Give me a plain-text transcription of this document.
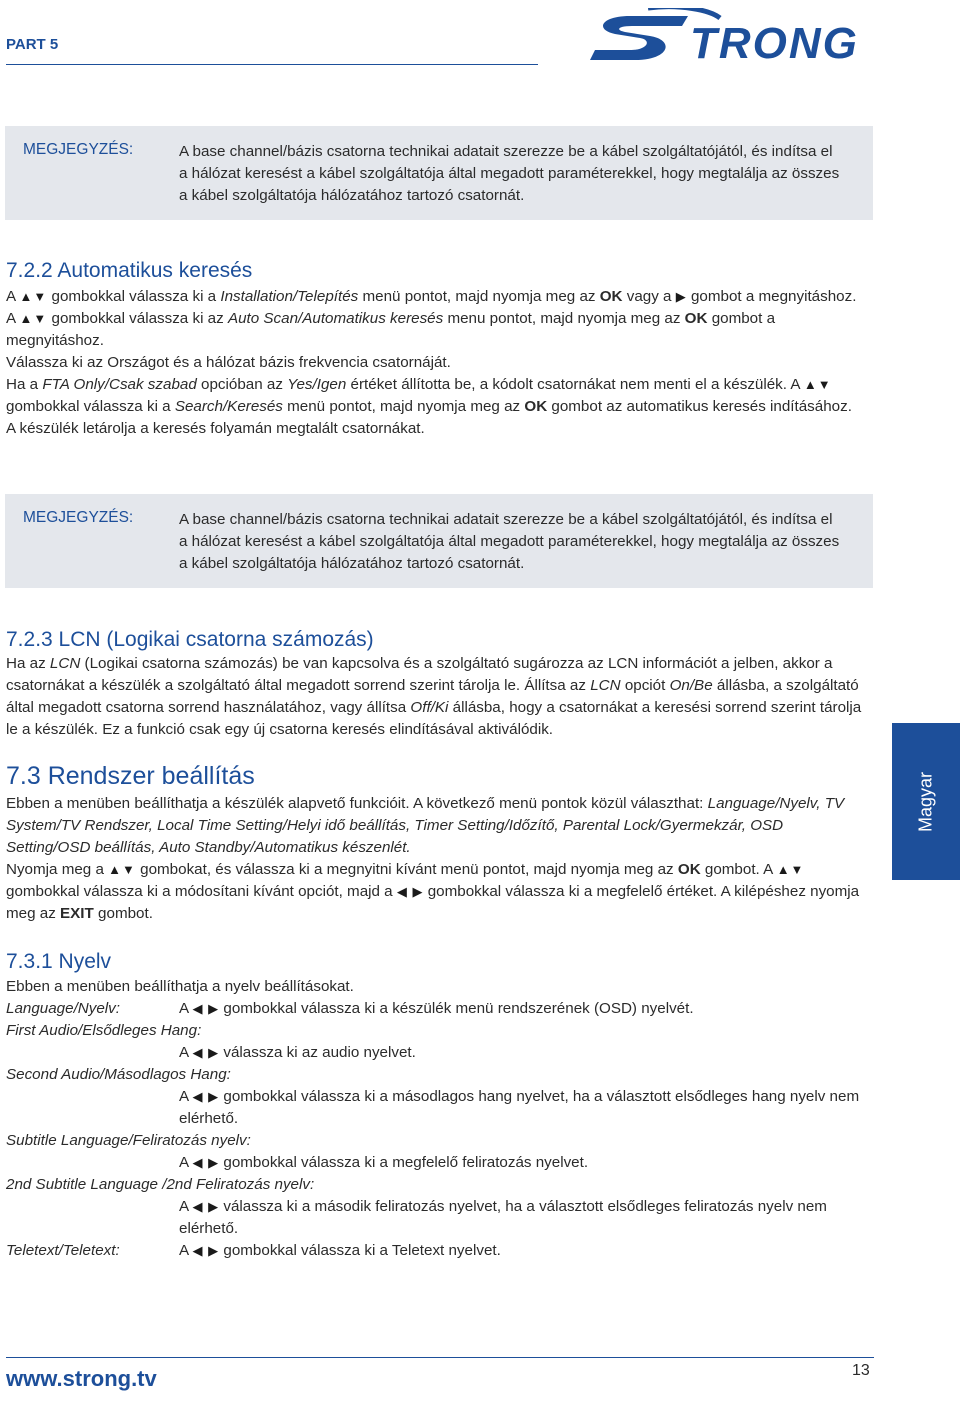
PART 5	TRONG
MEGJEGYZÉS:	A base channel/bázis csatorna technikai adatait szerezze be a kábel szolgáltatójától, és indítsa el a hálózat keresést a kábel szolgáltatója által megadott paraméterekkel, hogy megtalálja az összes a kábel szolgáltatója hálózatához tartozó csatornát.
7.2.2 Automatikus keresés

A ▲▼ gombokkal válassza ki a Installation/Telepítés menü pontot, majd nyomja meg az OK vagy a ▶ gombot a megnyitáshoz.

A ▲▼ gombokkal válassza ki az Auto Scan/Automatikus keresés menu pontot, majd nyomja meg az OK gombot a megnyitáshoz.

Válassza ki az Országot és a hálózat bázis frekvencia csatornáját.

Ha a FTA Only/Csak szabad opcióban az Yes/Igen értéket állította be, a kódolt csatornákat nem menti el a készülék. A ▲▼ gombokkal válassza ki a Search/Keresés menü pontot, majd nyomja meg az OK gombot az automatikus keresés indításához.

A készülék letárolja a keresés folyamán megtalált csatornákat.

MEGJEGYZÉS:	A base channel/bázis csatorna technikai adatait szerezze be a kábel szolgáltatójától, és indítsa el a hálózat keresést a kábel szolgáltatója által megadott paraméterekkel, hogy megtalálja az összes a kábel szolgáltatója hálózatához tartozó csatornát.
7.2.3 LCN (Logikai csatorna számozás)

Ha az LCN (Logikai csatorna számozás) be van kapcsolva és a szolgáltató sugározza az LCN információt a jelben, akkor a csatornákat a készülék a szolgáltató által megadott sorrend szerint tárolja le. Állítsa az LCN opciót On/Be állásba, a szolgáltató által megadott csatorna sorrend használatához, vagy állítsa Off/Ki állásba, hogy a csatornákat a keresési sorrend szerint tárolja le a készülék. Ez a funkció csak egy új csatorna keresés elindításával aktiválódik.

7.3 Rendszer beállítás

Ebben a menüben beállíthatja a készülék alapvető funkcióit. A következő menü pontok közül választhat: Language/Nyelv, TV System/TV Rendszer, Local Time Setting/Helyi idő beállítás, Timer Setting/Időzítő, Parental Lock/Gyermekzár, OSD Setting/OSD beállítás, Auto Standby/Automatikus készenlét.

Nyomja meg a ▲▼ gombokat, és válassza ki a megnyitni kívánt menü pontot, majd nyomja meg az OK gombot. A ▲▼ gombokkal válassza ki a módosítani kívánt opciót, majd a ◀ ▶ gombokkal válassza ki a megfelelő értéket. A kilépéshez nyomja meg az EXIT gombot.

7.3.1 Nyelv
Ebben a menüben beállíthatja a nyelv beállításokat.
Language/Nyelv:	A ◀ ▶ gombokkal válassza ki a készülék menü rendszerének (OSD) nyelvét.
First Audio/Elsődleges Hang:
A ◀ ▶ válassza ki az audio nyelvet.
Second Audio/Másodlagos Hang:
A ◀ ▶ gombokkal válassza ki a másodlagos hang nyelvet, ha a választott elsődleges hang nyelv nem elérhető.
Subtitle Language/Feliratozás nyelv:
A ◀ ▶ gombokkal válassza ki a megfelelő feliratozás nyelvet.
2nd Subtitle Language /2nd Feliratozás nyelv:
A ◀ ▶ válassza ki a második feliratozás nyelvet, ha a választott elsődleges feliratozás nyelv nem elérhető.
Teletext/Teletext:	A ◀ ▶ gombokkal válassza ki a Teletext nyelvet.
Magyar
www.strong.tv	13
